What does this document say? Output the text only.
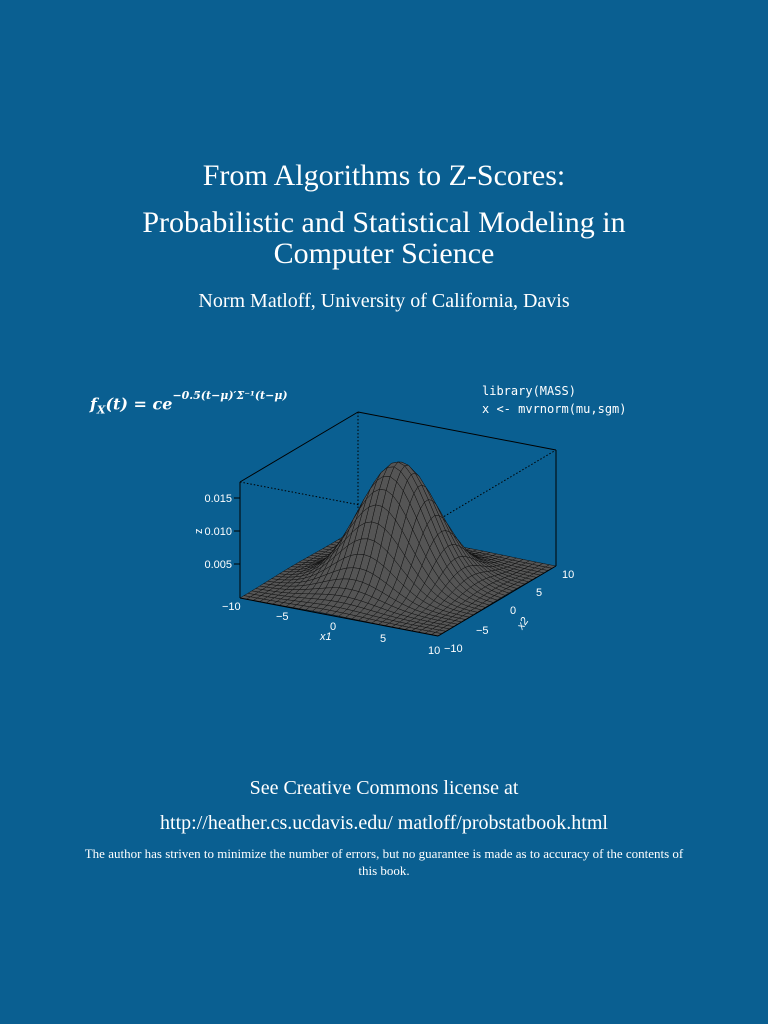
From Algorithms to Z-Scores:
Probabilistic and Statistical Modeling in
Computer Science
Norm Matloff, University of California, Davis
$f_X(t) = ce^{-0.5(t-\mu)'\Sigma^{-1}(t-\mu)}$	library(MASS)
x <- mvrnorm(mu,sgm)
0.015
0.010
0.005
z
−10
−5
0
5
10
x1
−10
−5
0
5
10
x2
See Creative Commons license at
http://heather.cs.ucdavis.edu/ matloff/probstatbook.html
The author has striven to minimize the number of errors, but no guarantee is made as to accuracy of the contents of this book.
